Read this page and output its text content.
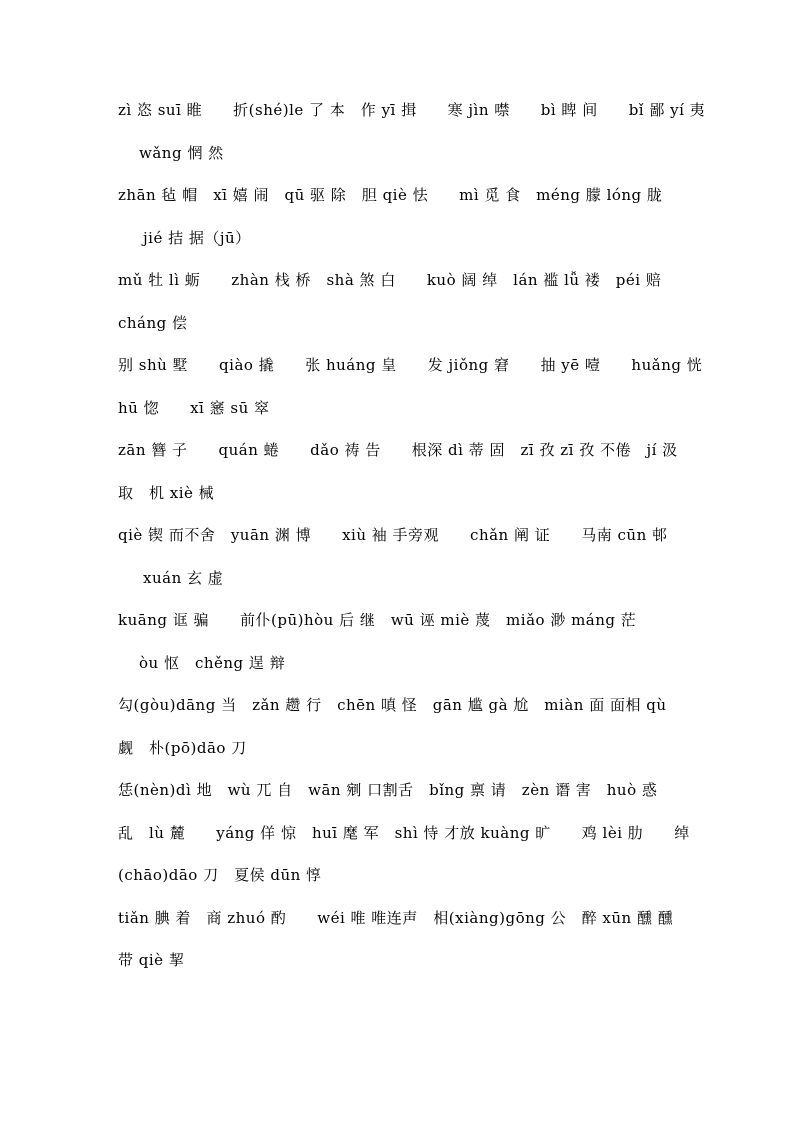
zì 恣 suī 睢　　折(shé)le 了 本　作 yī 揖　　寒 jìn 噤　　bì 睥 间　　bǐ 鄙 yí 夷
wǎng 惘 然
zhān 毡 帽　xī 嬉 闹　qū 驱 除　胆 qiè 怯　　mì 觅 食　méng 朦 lóng 胧
jié 拮 据（jū）
mǔ 牡 lì 蛎　　zhàn 栈 桥　shà 煞 白　　kuò 阔 绰　lán 褴 lǚ 褛　péi 赔
cháng 偿
别 shù 墅　　qiào 撬　　张 huáng 皇　　发 jiǒng 窘　　抽 yē 噎　　huǎng 恍
hū 惚　　xī 窸 sū 窣
zān 簪 子　　quán 蜷　　dǎo 祷 告　　根深 dì 蒂 固　zī 孜 zī 孜 不倦　jí 汲
取　机 xiè 械
qiè 锲 而不舍　yuān 渊 博　　xiù 袖 手旁观　　chǎn 阐 证　　马南 cūn 邨
xuán 玄 虚
kuāng 诓 骗　　前仆(pū)hòu 后 继　wū 诬 miè 蔑　miǎo 渺 máng 茫
òu 怄　chěng 逞 辩
勾(gòu)dāng 当　zǎn 趱 行　chēn 嗔 怪　gān 尴 gà 尬　miàn 面 面相 qù
觑　朴(pō)dāo 刀
恁(nèn)dì 地　wù 兀 自　wān 剜 口割舌　bǐng 禀 请　zèn 谮 害　huò 惑
乱　lù 麓　　yáng 佯 惊　huī 麾 军　shì 恃 才放 kuàng 旷　　鸡 lèi 肋　　绰
(chāo)dāo 刀　夏侯 dūn 惇
tiǎn 腆 着　商 zhuó 酌　　wéi 唯 唯连声　相(xiàng)gōng 公　醉 xūn 醺 醺
带 qiè 挈
